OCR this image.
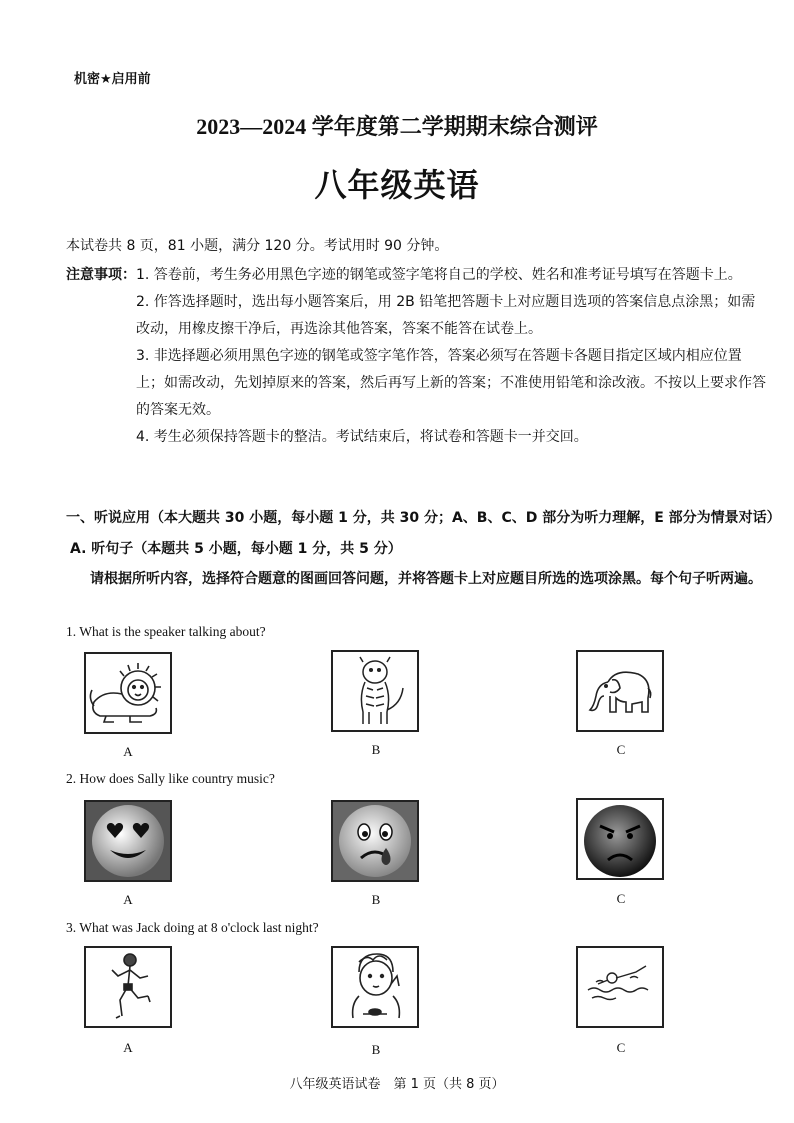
机密★启用前
2023—2024 学年度第二学期期末综合测评
八年级英语
本试卷共 8 页，81 小题，满分 120 分。考试用时 90 分钟。
注意事项： 1. 答卷前，考生务必用黑色字迹的钢笔或签字笔将自己的学校、姓名和准考证号填写在答题卡上。
2. 作答选择题时，选出每小题答案后，用 2B 铅笔把答题卡上对应题目选项的答案信息点涂黑；如需改动，用橡皮擦干净后，再选涂其他答案，答案不能答在试卷上。
3. 非选择题必须用黑色字迹的钢笔或签字笔作答，答案必须写在答题卡各题目指定区域内相应位置上；如需改动，先划掉原来的答案，然后再写上新的答案；不准使用铅笔和涂改液。不按以上要求作答的答案无效。
4. 考生必须保持答题卡的整洁。考试结束后，将试卷和答题卡一并交回。
一、听说应用（本大题共 30 小题，每小题 1 分，共 30 分；A、B、C、D 部分为听力理解，E 部分为情景对话）
A. 听句子（本题共 5 小题，每小题 1 分，共 5 分）
请根据所听内容，选择符合题意的图画回答问题，并将答题卡上对应题目所选的选项涂黑。每个句子听两遍。
1. What is the speaker talking about?
A	B	C
2. How does Sally like country music?
A	B	C
3. What was Jack doing at 8 o'clock last night?
A	B	C
八年级英语试卷　第 1 页（共 8 页）
